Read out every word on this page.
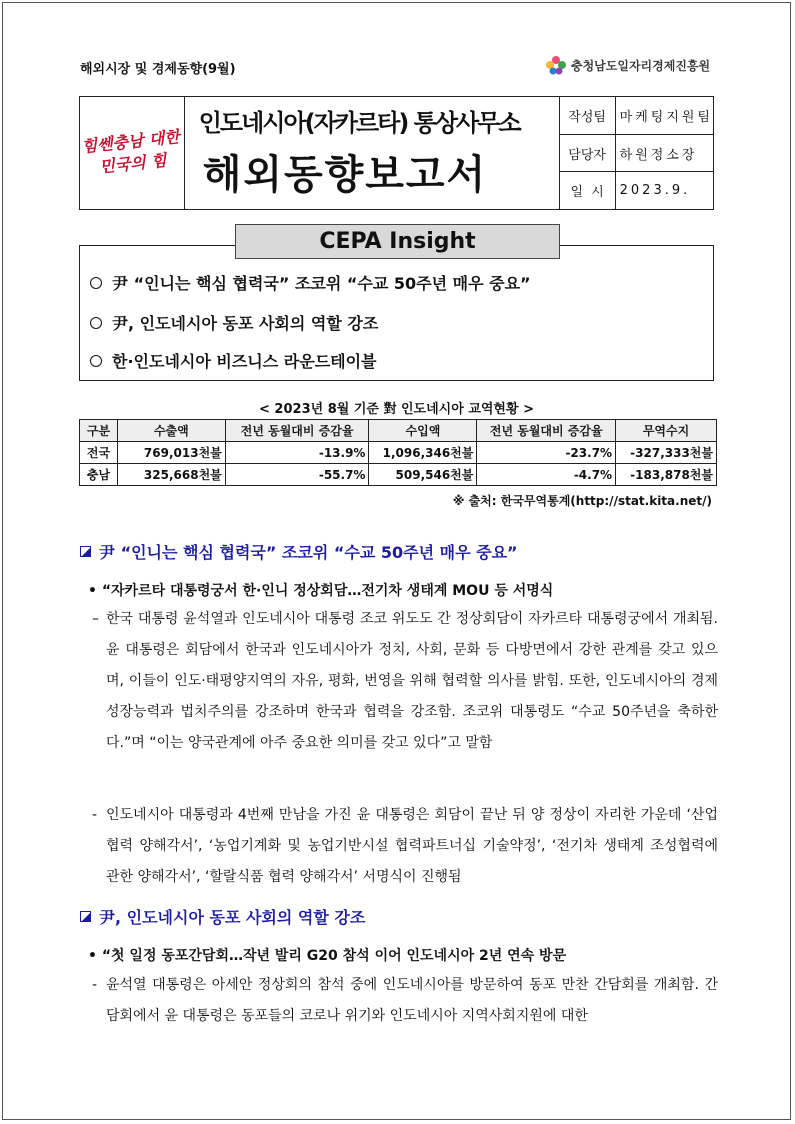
해외시장 및 경제동향(9월)	충청남도일자리경제진흥원
힘쎈충남 대한민국의 힘
인도네시아(자카르타) 통상사무소
해외동향보고서
작성팀	마케팅지원팀
담당자	하원정소장
일  시	2023.9.
尹 “인니는 핵심 협력국” 조코위 “수교 50주년 매우 중요”
尹, 인도네시아 동포 사회의 역할 강조
한·인도네시아 비즈니스 라운드테이블
CEPA Insight
< 2023년 8월 기준 對 인도네시아 교역현황 >
구분	수출액	전년 동월대비 증감율	수입액	전년 동월대비 증감율	무역수지
전국	769,013천불	-13.9%	1,096,346천불	-23.7%	-327,333천불
충남	325,668천불	-55.7%	509,546천불	-4.7%	-183,878천불
※ 출처: 한국무역통계(http://stat.kita.net/)
尹 “인니는 핵심 협력국” 조코위 “수교 50주년 매우 중요”
• “자카르타 대통령궁서 한·인니 정상회담…전기차 생태계 MOU 등 서명식
– 한국 대통령 윤석열과 인도네시아 대통령 조코 위도도 간 정상회담이 자카르타 대통령궁에서 개최됨. 윤 대통령은 회담에서 한국과 인도네시아가 정치, 사회, 문화 등 다방면에서 강한 관계를 갖고 있으며, 이들이 인도·태평양지역의 자유, 평화, 번영을 위해 협력할 의사를 밝힘. 또한, 인도네시아의 경제성장능력과 법치주의를 강조하며 한국과 협력을 강조함. 조코위 대통령도 “수교 50주년을 축하한다.”며 “이는 양국관계에 아주 중요한 의미를 갖고 있다”고 말함
- 인도네시아 대통령과 4번째 만남을 가진 윤 대통령은 회담이 끝난 뒤 양 정상이 자리한 가운데 ‘산업협력 양해각서’, ‘농업기계화 및 농업기반시설 협력파트너십 기술약정’, ‘전기차 생태계 조성협력에 관한 양해각서’, ‘할랄식품 협력 양해각서’ 서명식이 진행됨
尹, 인도네시아 동포 사회의 역할 강조
• “첫 일정 동포간담회…작년 발리 G20 참석 이어 인도네시아 2년 연속 방문
- 윤석열 대통령은 아세안 정상회의 참석 중에 인도네시아를 방문하여 동포 만찬 간담회를 개최함. 간담회에서 윤 대통령은 동포들의 코로나 위기와 인도네시아 지역사회지원에 대한
